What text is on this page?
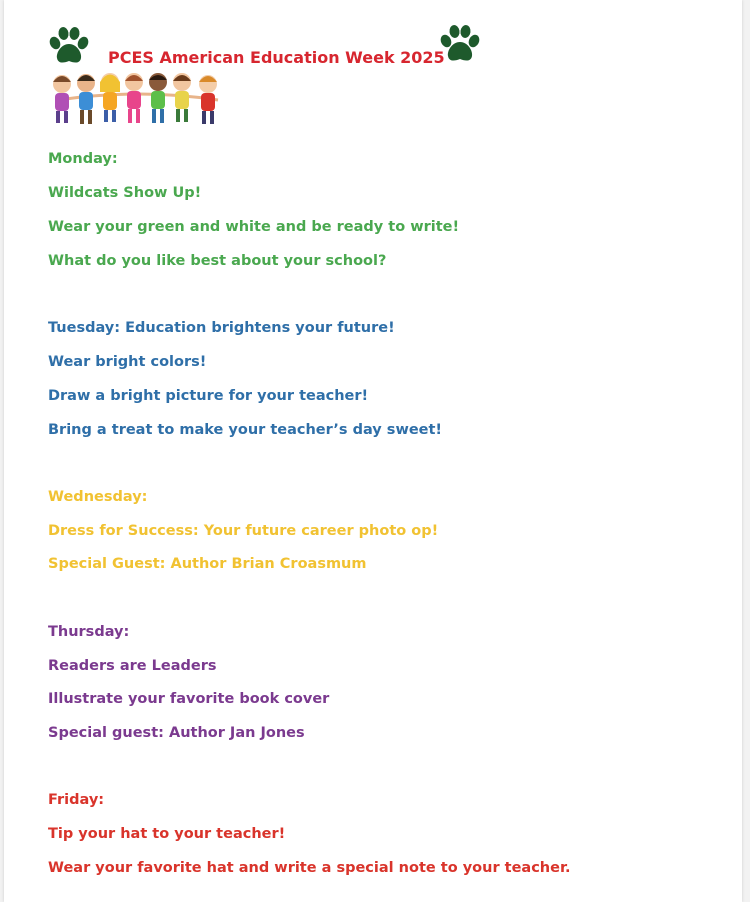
PCES American Education Week 2025
Monday:
Wildcats Show Up!
Wear your green and white and be ready to write!
What do you like best about your school?
Tuesday: Education brightens your future!
Wear bright colors!
Draw a bright picture for your teacher!
Bring a treat to make your teacher’s day sweet!
Wednesday:
Dress for Success: Your future career photo op!
Special Guest: Author Brian Croasmum
Thursday:
Readers are Leaders
Illustrate your favorite book cover
Special guest: Author Jan Jones
Friday:
Tip your hat to your teacher!
Wear your favorite hat and write a special note to your teacher.
